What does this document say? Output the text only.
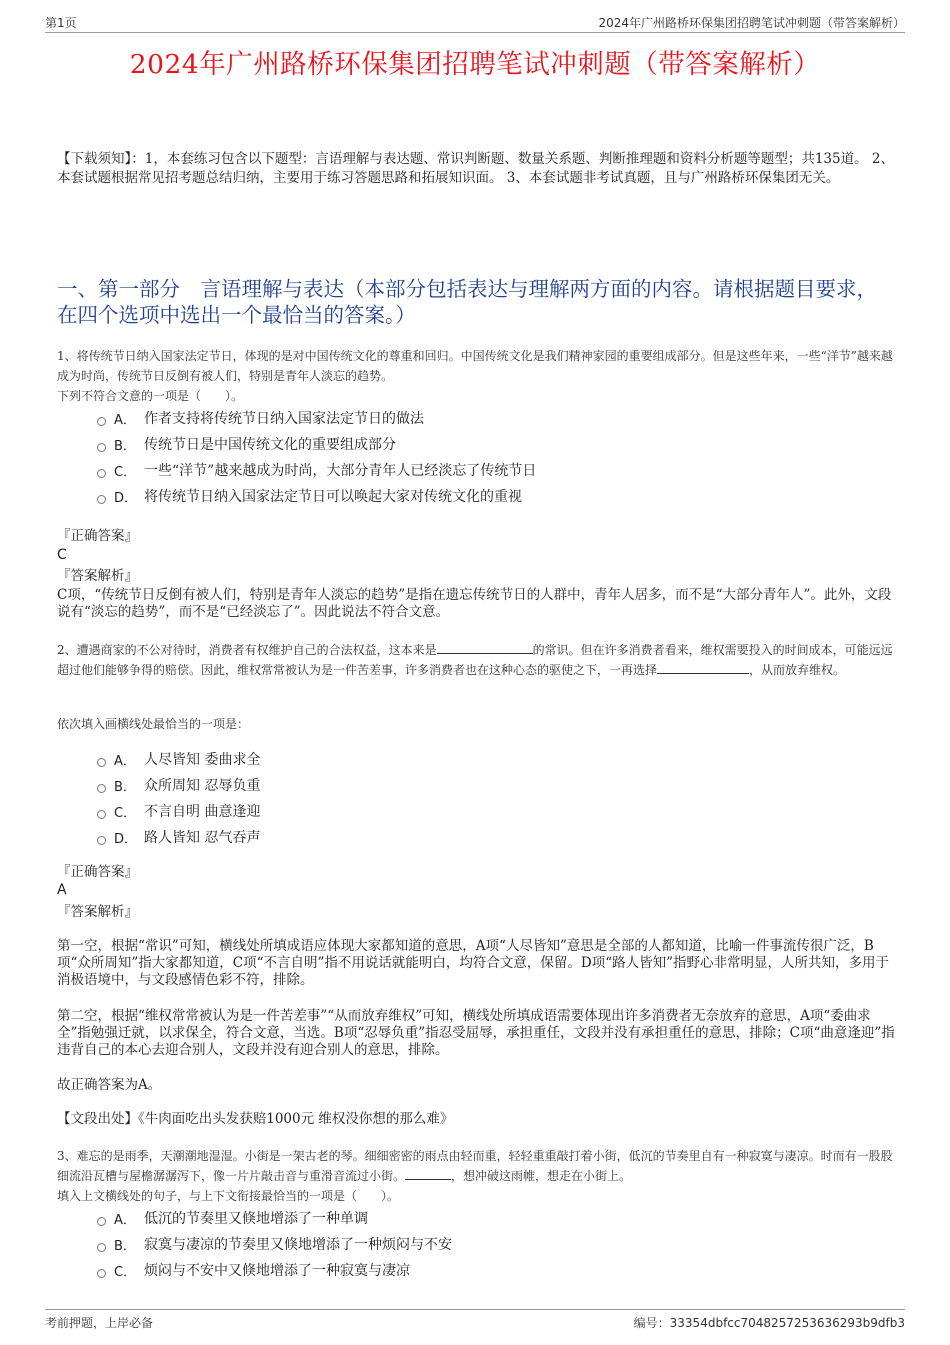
第1页	2024年广州路桥环保集团招聘笔试冲刺题（带答案解析）
2024年广州路桥环保集团招聘笔试冲刺题（带答案解析）
【下载须知】：1，本套练习包含以下题型：言语理解与表达题、常识判断题、数量关系题、判断推理题和资料分析题等题型；共135道。 2、本套试题根据常见招考题总结归纳，主要用于练习答题思路和拓展知识面。 3、本套试题非考试真题，且与广州路桥环保集团无关。
一、第一部分　言语理解与表达（本部分包括表达与理解两方面的内容。请根据题目要求，在四个选项中选出一个最恰当的答案。）
1、将传统节日纳入国家法定节日，体现的是对中国传统文化的尊重和回归。中国传统文化是我们精神家园的重要组成部分。但是这些年来，一些“洋节”越来越成为时尚，传统节日反倒有被人们，特别是青年人淡忘的趋势。
下列不符合文意的一项是（　　）。
A． 作者支持将传统节日纳入国家法定节日的做法
B． 传统节日是中国传统文化的重要组成部分
C． 一些“洋节”越来越成为时尚，大部分青年人已经淡忘了传统节日
D． 将传统节日纳入国家法定节日可以唤起大家对传统文化的重视
『正确答案』
C
『答案解析』
C项，“传统节日反倒有被人们，特别是青年人淡忘的趋势”是指在遗忘传统节日的人群中，青年人居多，而不是“大部分青年人”。此外，文段说有“淡忘的趋势”，而不是“已经淡忘了”。因此说法不符合文意。
2、遭遇商家的不公对待时，消费者有权维护自己的合法权益，这本来是	的常识。但在许多消费者看来，维权需要投入的时间成本，可能远远超过他们能够争得的赔偿。因此，维权常常被认为是一件苦差事，许多消费者也在这种心态的驱使之下，一再选择	，从而放弃维权。
依次填入画横线处最恰当的一项是：
A． 人尽皆知 委曲求全
B． 众所周知 忍辱负重
C． 不言自明 曲意逢迎
D． 路人皆知 忍气吞声
『正确答案』
A
『答案解析』
第一空，根据“常识”可知，横线处所填成语应体现大家都知道的意思，A项“人尽皆知”意思是全部的人都知道，比喻一件事流传很广泛，B项“众所周知”指大家都知道，C项“不言自明”指不用说话就能明白，均符合文意，保留。D项“路人皆知”指野心非常明显，人所共知，多用于消极语境中，与文段感情色彩不符，排除。
第二空，根据“维权常常被认为是一件苦差事”“从而放弃维权”可知，横线处所填成语需要体现出许多消费者无奈放弃的意思，A项“委曲求全”指勉强迁就，以求保全，符合文意，当选。B项“忍辱负重”指忍受屈辱，承担重任，文段并没有承担重任的意思，排除；C项“曲意逢迎”指违背自己的本心去迎合别人，文段并没有迎合别人的意思，排除。
故正确答案为A。
【文段出处】《牛肉面吃出头发获赔1000元 维权没你想的那么难》
3、难忘的是雨季，天潮潮地湿湿。小街是一架古老的琴。细细密密的雨点由轻而重，轻轻重重敲打着小街，低沉的节奏里自有一种寂寞与凄凉。时而有一股股细流沿瓦槽与屋檐潺潺泻下，像一片片敲击音与重滑音流过小街。	，想冲破这雨帷，想走在小街上。
填入上文横线处的句子，与上下文衔接最恰当的一项是（　　）。
A． 低沉的节奏里又倏地增添了一种单调
B． 寂寞与凄凉的节奏里又倏地增添了一种烦闷与不安
C． 烦闷与不安中又倏地增添了一种寂寞与凄凉
考前押题，上岸必备	编号：33354dbfcc7048257253636293b9dfb3
